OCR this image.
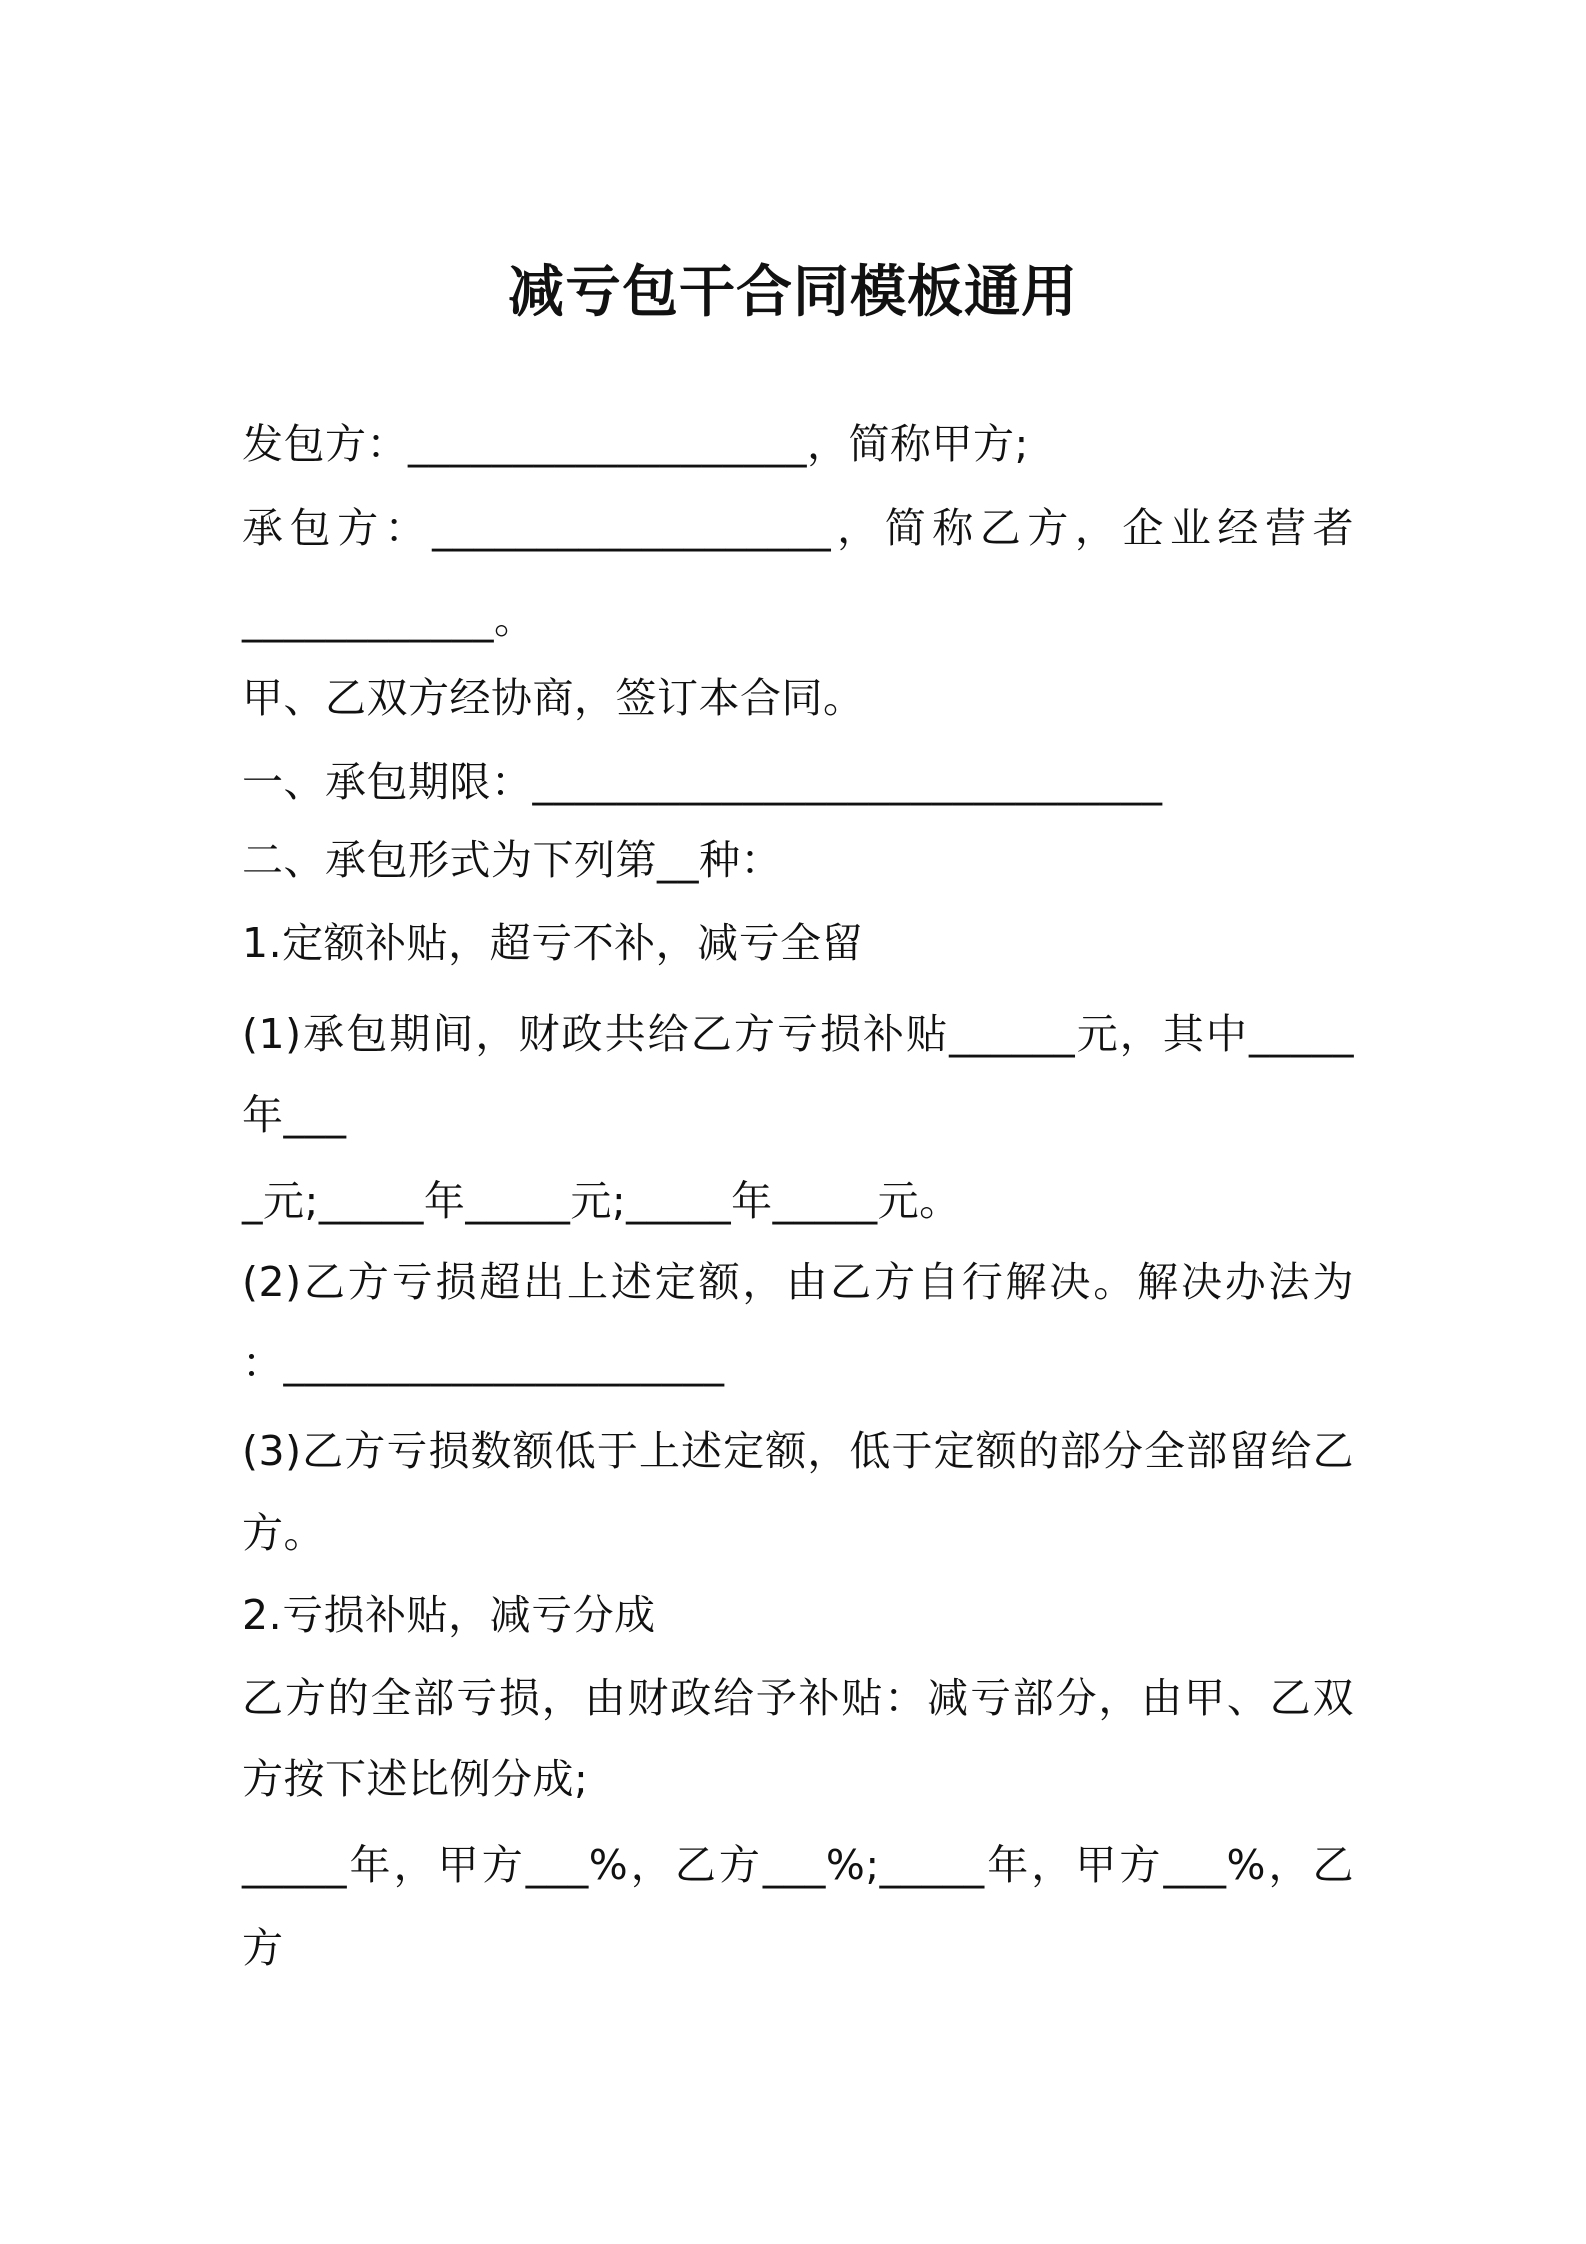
减亏包干合同模板通用
发包方：___________________，简称甲方;
承包方：___________________，简称乙方，企业经营者
____________。
甲、乙双方经协商，签订本合同。
一、承包期限：______________________________
二、承包形式为下列第__种：
1.定额补贴，超亏不补，减亏全留
(1)承包期间，财政共给乙方亏损补贴______元，其中_____
年___
_元;_____年_____元;_____年_____元。
(2)乙方亏损超出上述定额，由乙方自行解决。解决办法为
：_____________________
(3)乙方亏损数额低于上述定额，低于定额的部分全部留给乙
方。
2.亏损补贴，减亏分成
乙方的全部亏损，由财政给予补贴：减亏部分，由甲、乙双
方按下述比例分成;
_____年，甲方___%，乙方___%;_____年，甲方___%，乙
方
